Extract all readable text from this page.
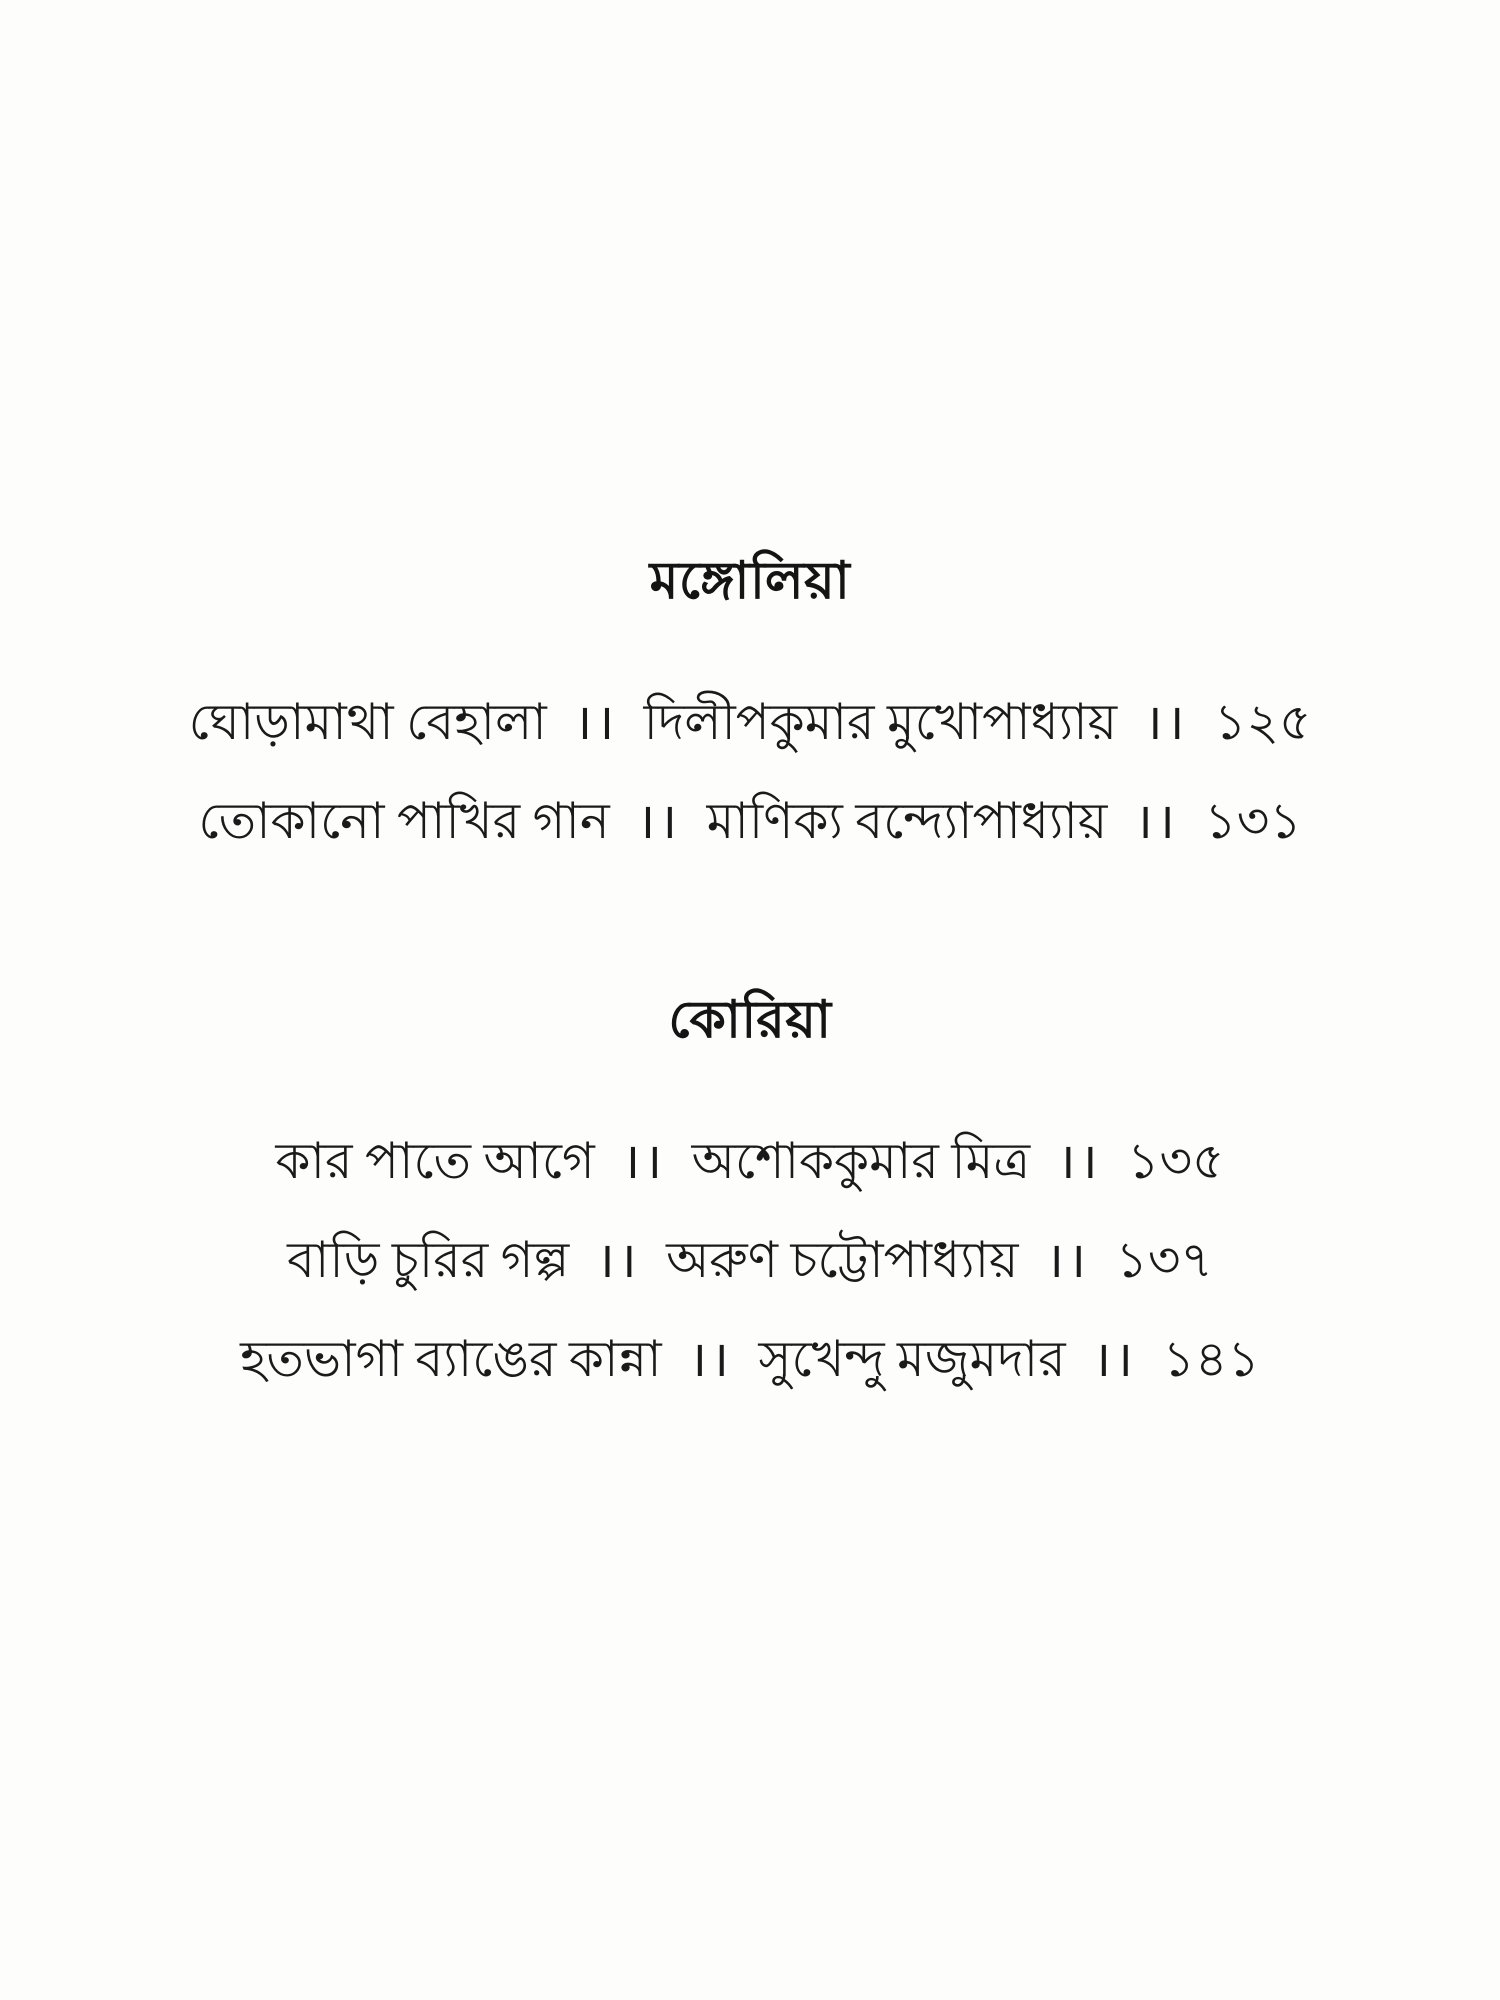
মঙ্গোলিয়া
ঘোড়ামাথা বেহালা ।। দিলীপকুমার মুখোপাধ্যায় ।। ১২৫
তোকানো পাখির গান ।। মাণিক্য বন্দ্যোপাধ্যায় ।। ১৩১
কোরিয়া
কার পাতে আগে ।। অশোককুমার মিত্র ।। ১৩৫
বাড়ি চুরির গল্প ।। অরুণ চট্টোপাধ্যায় ।। ১৩৭
হতভাগা ব্যাঙের কান্না ।। সুখেন্দু মজুমদার ।। ১৪১
